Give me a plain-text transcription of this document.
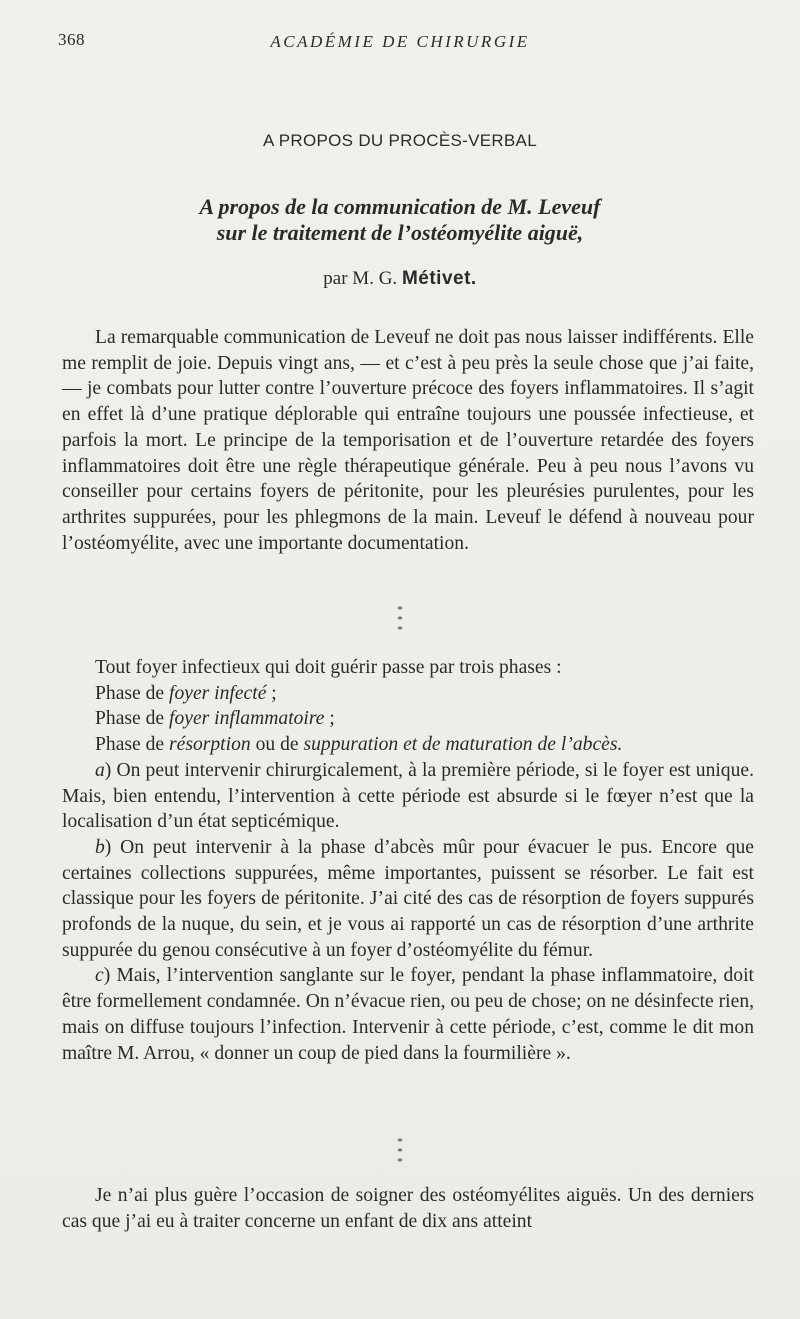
368	ACADÉMIE DE CHIRURGIE
A PROPOS DU PROCÈS-VERBAL
A propos de la communication de M. Leveuf
sur le traitement de l’ostéomyélite aiguë,
par M. G. Métivet.

La remarquable communication de Leveuf ne doit pas nous laisser indifférents. Elle me remplit de joie. Depuis vingt ans, — et c’est à peu près la seule chose que j’ai faite, — je combats pour lutter contre l’ouverture précoce des foyers inflammatoires. Il s’agit en effet là d’une pratique déplorable qui entraîne toujours une poussée infectieuse, et parfois la mort. Le principe de la temporisation et de l’ouverture retardée des foyers inflammatoires doit être une règle thérapeutique générale. Peu à peu nous l’avons vu conseiller pour certains foyers de péritonite, pour les pleurésies purulentes, pour les arthrites suppurées, pour les phlegmons de la main. Leveuf le défend à nouveau pour l’ostéomyélite, avec une importante documentation.

*
* *

Tout foyer infectieux qui doit guérir passe par trois phases :

Phase de foyer infecté ;

Phase de foyer inflammatoire ;

Phase de résorption ou de suppuration et de maturation de l’abcès.

a) On peut intervenir chirurgicalement, à la première période, si le foyer est unique. Mais, bien entendu, l’intervention à cette période est absurde si le fœyer n’est que la localisation d’un état septicémique.

b) On peut intervenir à la phase d’abcès mûr pour évacuer le pus. Encore que certaines collections suppurées, même importantes, puissent se résorber. Le fait est classique pour les foyers de péritonite. J’ai cité des cas de résorption de foyers suppurés profonds de la nuque, du sein, et je vous ai rapporté un cas de résorption d’une arthrite suppurée du genou consécutive à un foyer d’ostéomyélite du fémur.

c) Mais, l’intervention sanglante sur le foyer, pendant la phase inflammatoire, doit être formellement condamnée. On n’évacue rien, ou peu de chose; on ne désinfecte rien, mais on diffuse toujours l’infection. Intervenir à cette période, c’est, comme le dit mon maître M. Arrou, « donner un coup de pied dans la fourmilière ».

*
* *

Je n’ai plus guère l’occasion de soigner des ostéomyélites aiguës. Un des derniers cas que j’ai eu à traiter concerne un enfant de dix ans atteint
